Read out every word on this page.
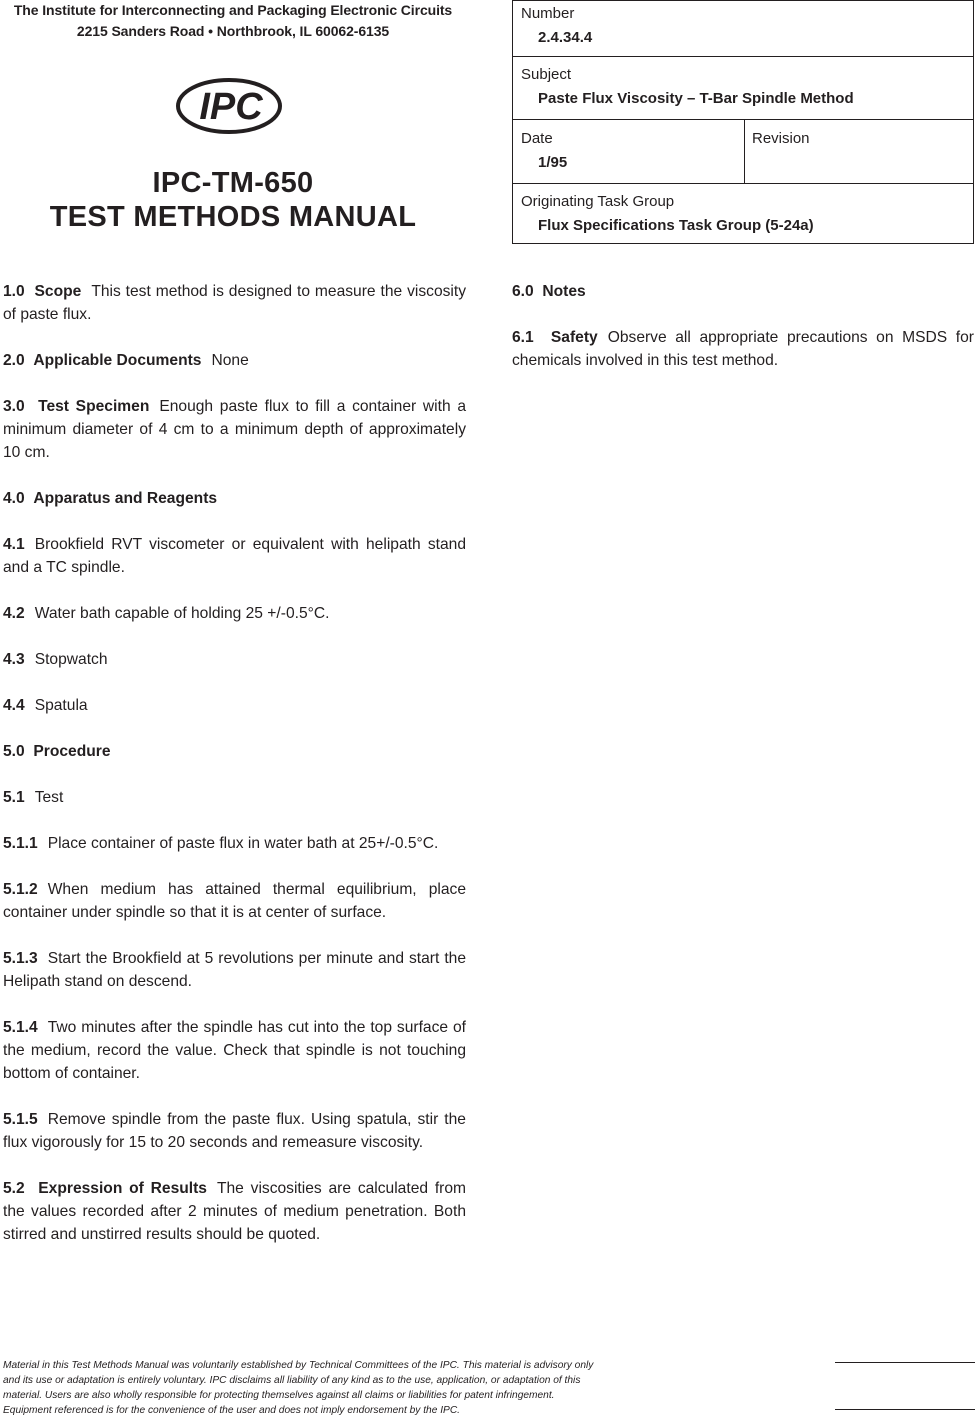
The Institute for Interconnecting and Packaging Electronic Circuits
2215 Sanders Road • Northbrook, IL 60062-6135
IPC
IPC-TM-650
TEST METHODS MANUAL
Number
2.4.34.4
Subject
Paste Flux Viscosity – T-Bar Spindle Method
Date
1/95
Revision
Originating Task Group
Flux Specifications Task Group (5-24a)

1.0 Scope This test method is designed to measure the viscosity of paste flux.

2.0 Applicable Documents None

3.0 Test Specimen Enough paste flux to fill a container with a minimum diameter of 4 cm to a minimum depth of approximately 10 cm.

4.0 Apparatus and Reagents

4.1 Brookfield RVT viscometer or equivalent with helipath stand and a TC spindle.

4.2 Water bath capable of holding 25 +/-0.5°C.

4.3 Stopwatch

4.4 Spatula

5.0 Procedure

5.1 Test

5.1.1 Place container of paste flux in water bath at 25+/-0.5°C.

5.1.2 When medium has attained thermal equilibrium, place container under spindle so that it is at center of surface.

5.1.3 Start the Brookfield at 5 revolutions per minute and start the Helipath stand on descend.

5.1.4 Two minutes after the spindle has cut into the top surface of the medium, record the value. Check that spindle is not touching bottom of container.

5.1.5 Remove spindle from the paste flux. Using spatula, stir the flux vigorously for 15 to 20 seconds and remeasure viscosity.

5.2 Expression of Results The viscosities are calculated from the values recorded after 2 minutes of medium penetration. Both stirred and unstirred results should be quoted.

6.0 Notes

6.1 Safety Observe all appropriate precautions on MSDS for chemicals involved in this test method.

Material in this Test Methods Manual was voluntarily established by Technical Committees of the IPC. This material is advisory only
and its use or adaptation is entirely voluntary. IPC disclaims all liability of any kind as to the use, application, or adaptation of this
material. Users are also wholly responsible for protecting themselves against all claims or liabilities for patent infringement.
Equipment referenced is for the convenience of the user and does not imply endorsement by the IPC.
